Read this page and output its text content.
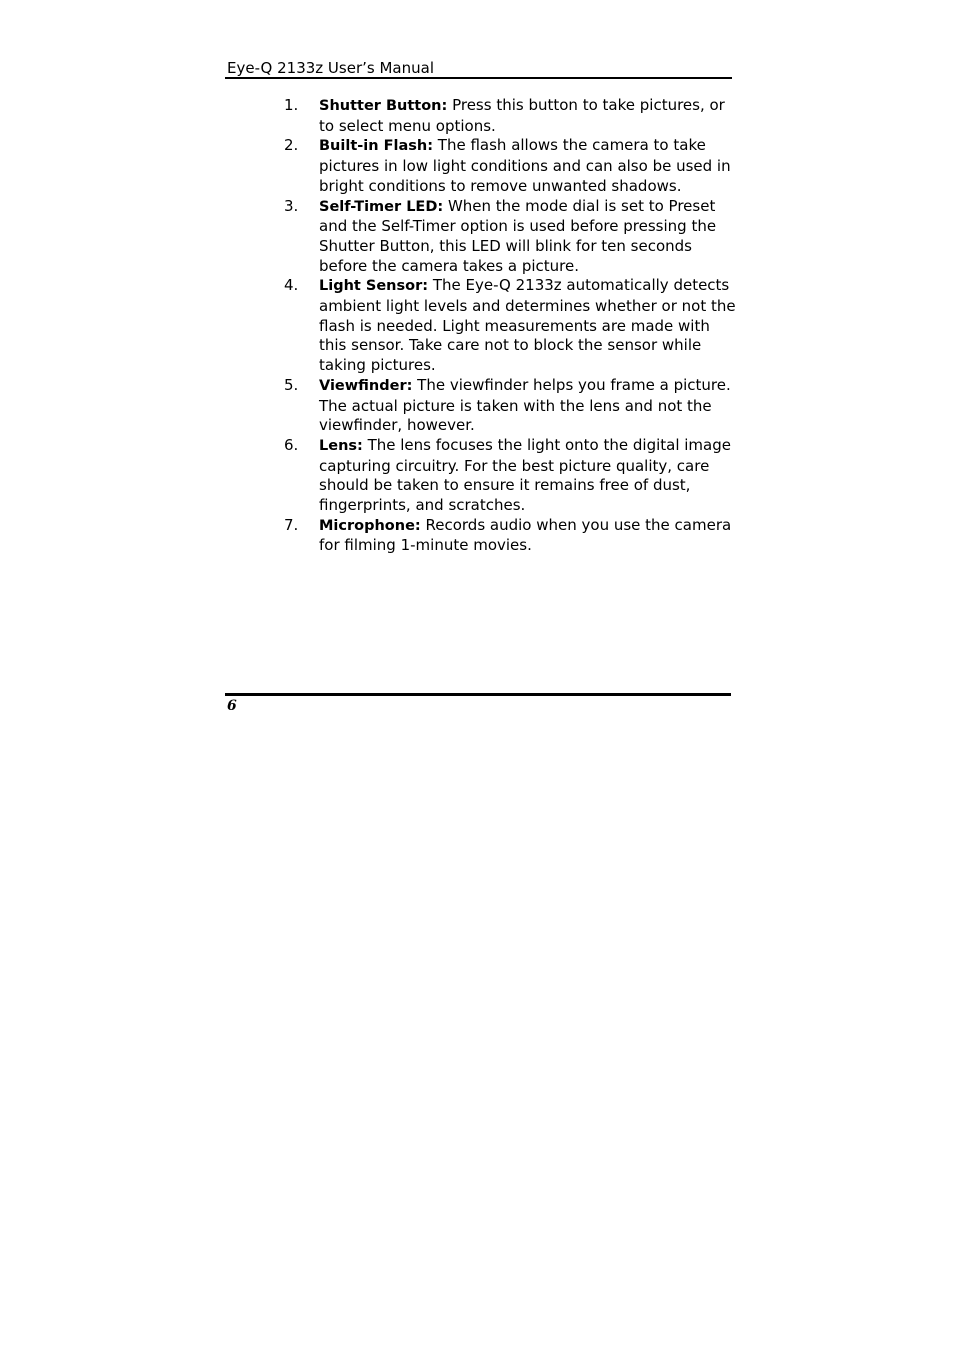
Eye-Q 2133z User’s Manual
1. Shutter Button: Press this button to take pictures, or to select menu options.
2. Built-in Flash: The flash allows the camera to take pictures in low light conditions and can also be used in bright conditions to remove unwanted shadows.
3. Self-Timer LED: When the mode dial is set to Preset and the Self-Timer option is used before pressing the Shutter Button, this LED will blink for ten seconds before the camera takes a picture.
4. Light Sensor: The Eye-Q 2133z automatically detects ambient light levels and determines whether or not the flash is needed. Light measurements are made with this sensor. Take care not to block the sensor while taking pictures.
5. Viewfinder: The viewfinder helps you frame a picture. The actual picture is taken with the lens and not the viewfinder, however.
6. Lens: The lens focuses the light onto the digital image capturing circuitry. For the best picture quality, care should be taken to ensure it remains free of dust, fingerprints, and scratches.
7. Microphone: Records audio when you use the camera for filming 1-minute movies.
6
